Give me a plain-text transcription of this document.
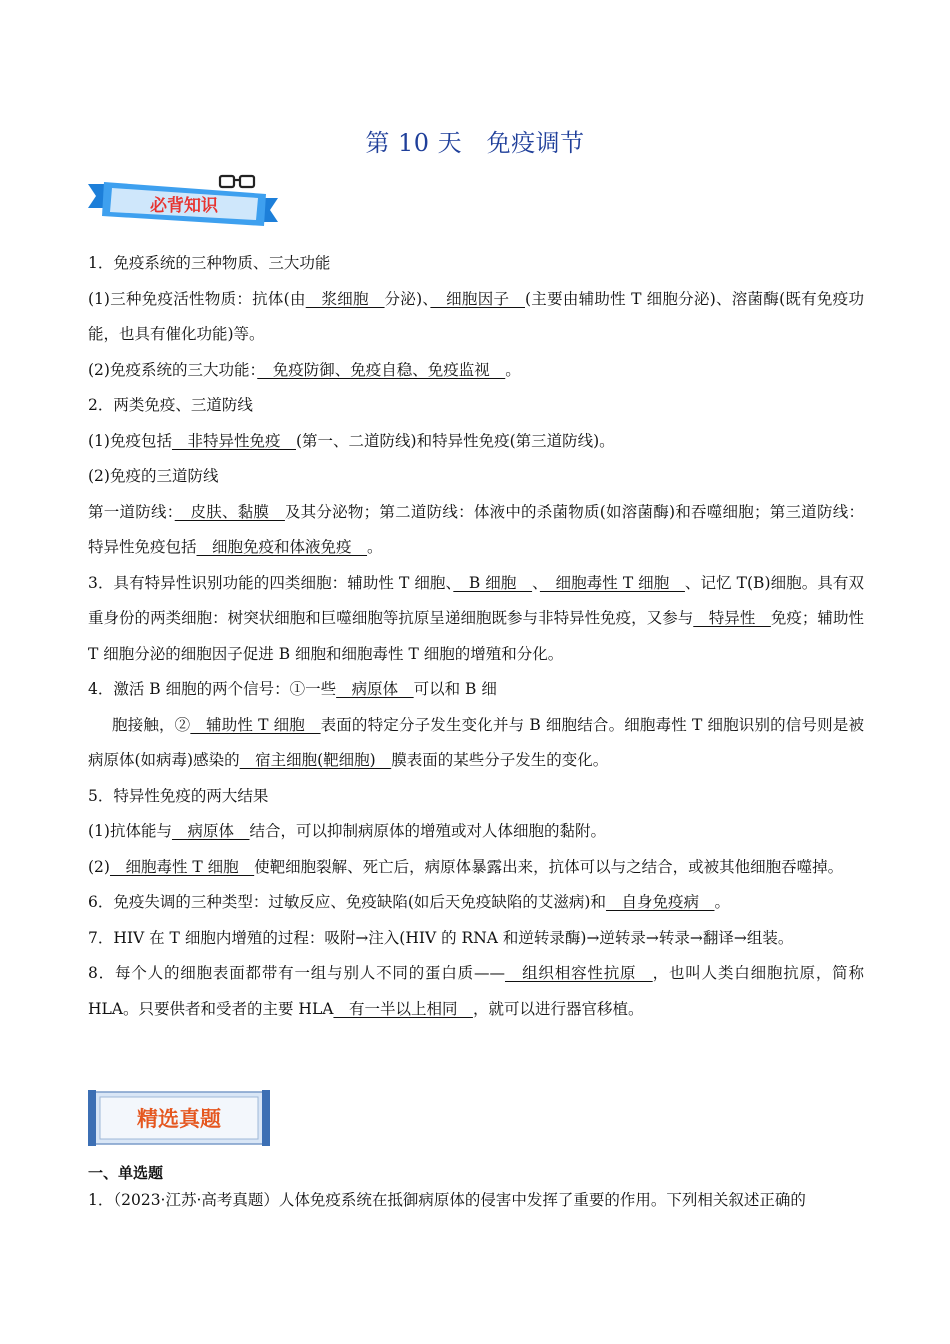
第 10 天　免疫调节
必背知识

1．免疫系统的三种物质、三大功能

(1)三种免疫活性物质：抗体(由　浆细胞　分泌)、　细胞因子　(主要由辅助性 T 细胞分泌)、溶菌酶(既有免疫功能，也具有催化功能)等。

(2)免疫系统的三大功能：　免疫防御、免疫自稳、免疫监视　。

2．两类免疫、三道防线

(1)免疫包括　非特异性免疫　(第一、二道防线)和特异性免疫(第三道防线)。

(2)免疫的三道防线

第一道防线：　皮肤、黏膜　及其分泌物；第二道防线：体液中的杀菌物质(如溶菌酶)和吞噬细胞；第三道防线：特异性免疫包括　细胞免疫和体液免疫　。

3．具有特异性识别功能的四类细胞：辅助性 T 细胞、　B 细胞　、　细胞毒性 T 细胞　、记忆 T(B)细胞。具有双重身份的两类细胞：树突状细胞和巨噬细胞等抗原呈递细胞既参与非特异性免疫，又参与　特异性　免疫；辅助性 T 细胞分泌的细胞因子促进 B 细胞和细胞毒性 T 细胞的增殖和分化。

4．激活 B 细胞的两个信号：①一些　病原体　可以和 B 细

胞接触，②　辅助性 T 细胞　表面的特定分子发生变化并与 B 细胞结合。细胞毒性 T 细胞识别的信号则是被病原体(如病毒)感染的　宿主细胞(靶细胞)　膜表面的某些分子发生的变化。

5．特异性免疫的两大结果

(1)抗体能与　病原体　结合，可以抑制病原体的增殖或对人体细胞的黏附。

(2)　细胞毒性 T 细胞　使靶细胞裂解、死亡后，病原体暴露出来，抗体可以与之结合，或被其他细胞吞噬掉。

6．免疫失调的三种类型：过敏反应、免疫缺陷(如后天免疫缺陷的艾滋病)和　自身免疫病　。

7．HIV 在 T 细胞内增殖的过程：吸附→注入(HIV 的 RNA 和逆转录酶)→逆转录→转录→翻译→组装。

8．每个人的细胞表面都带有一组与别人不同的蛋白质——　组织相容性抗原　，也叫人类白细胞抗原，简称 HLA。只要供者和受者的主要 HLA　有一半以上相同　，就可以进行器官移植。

精选真题
一、单选题
1．（2023·江苏·高考真题）人体免疫系统在抵御病原体的侵害中发挥了重要的作用。下列相关叙述正确的
